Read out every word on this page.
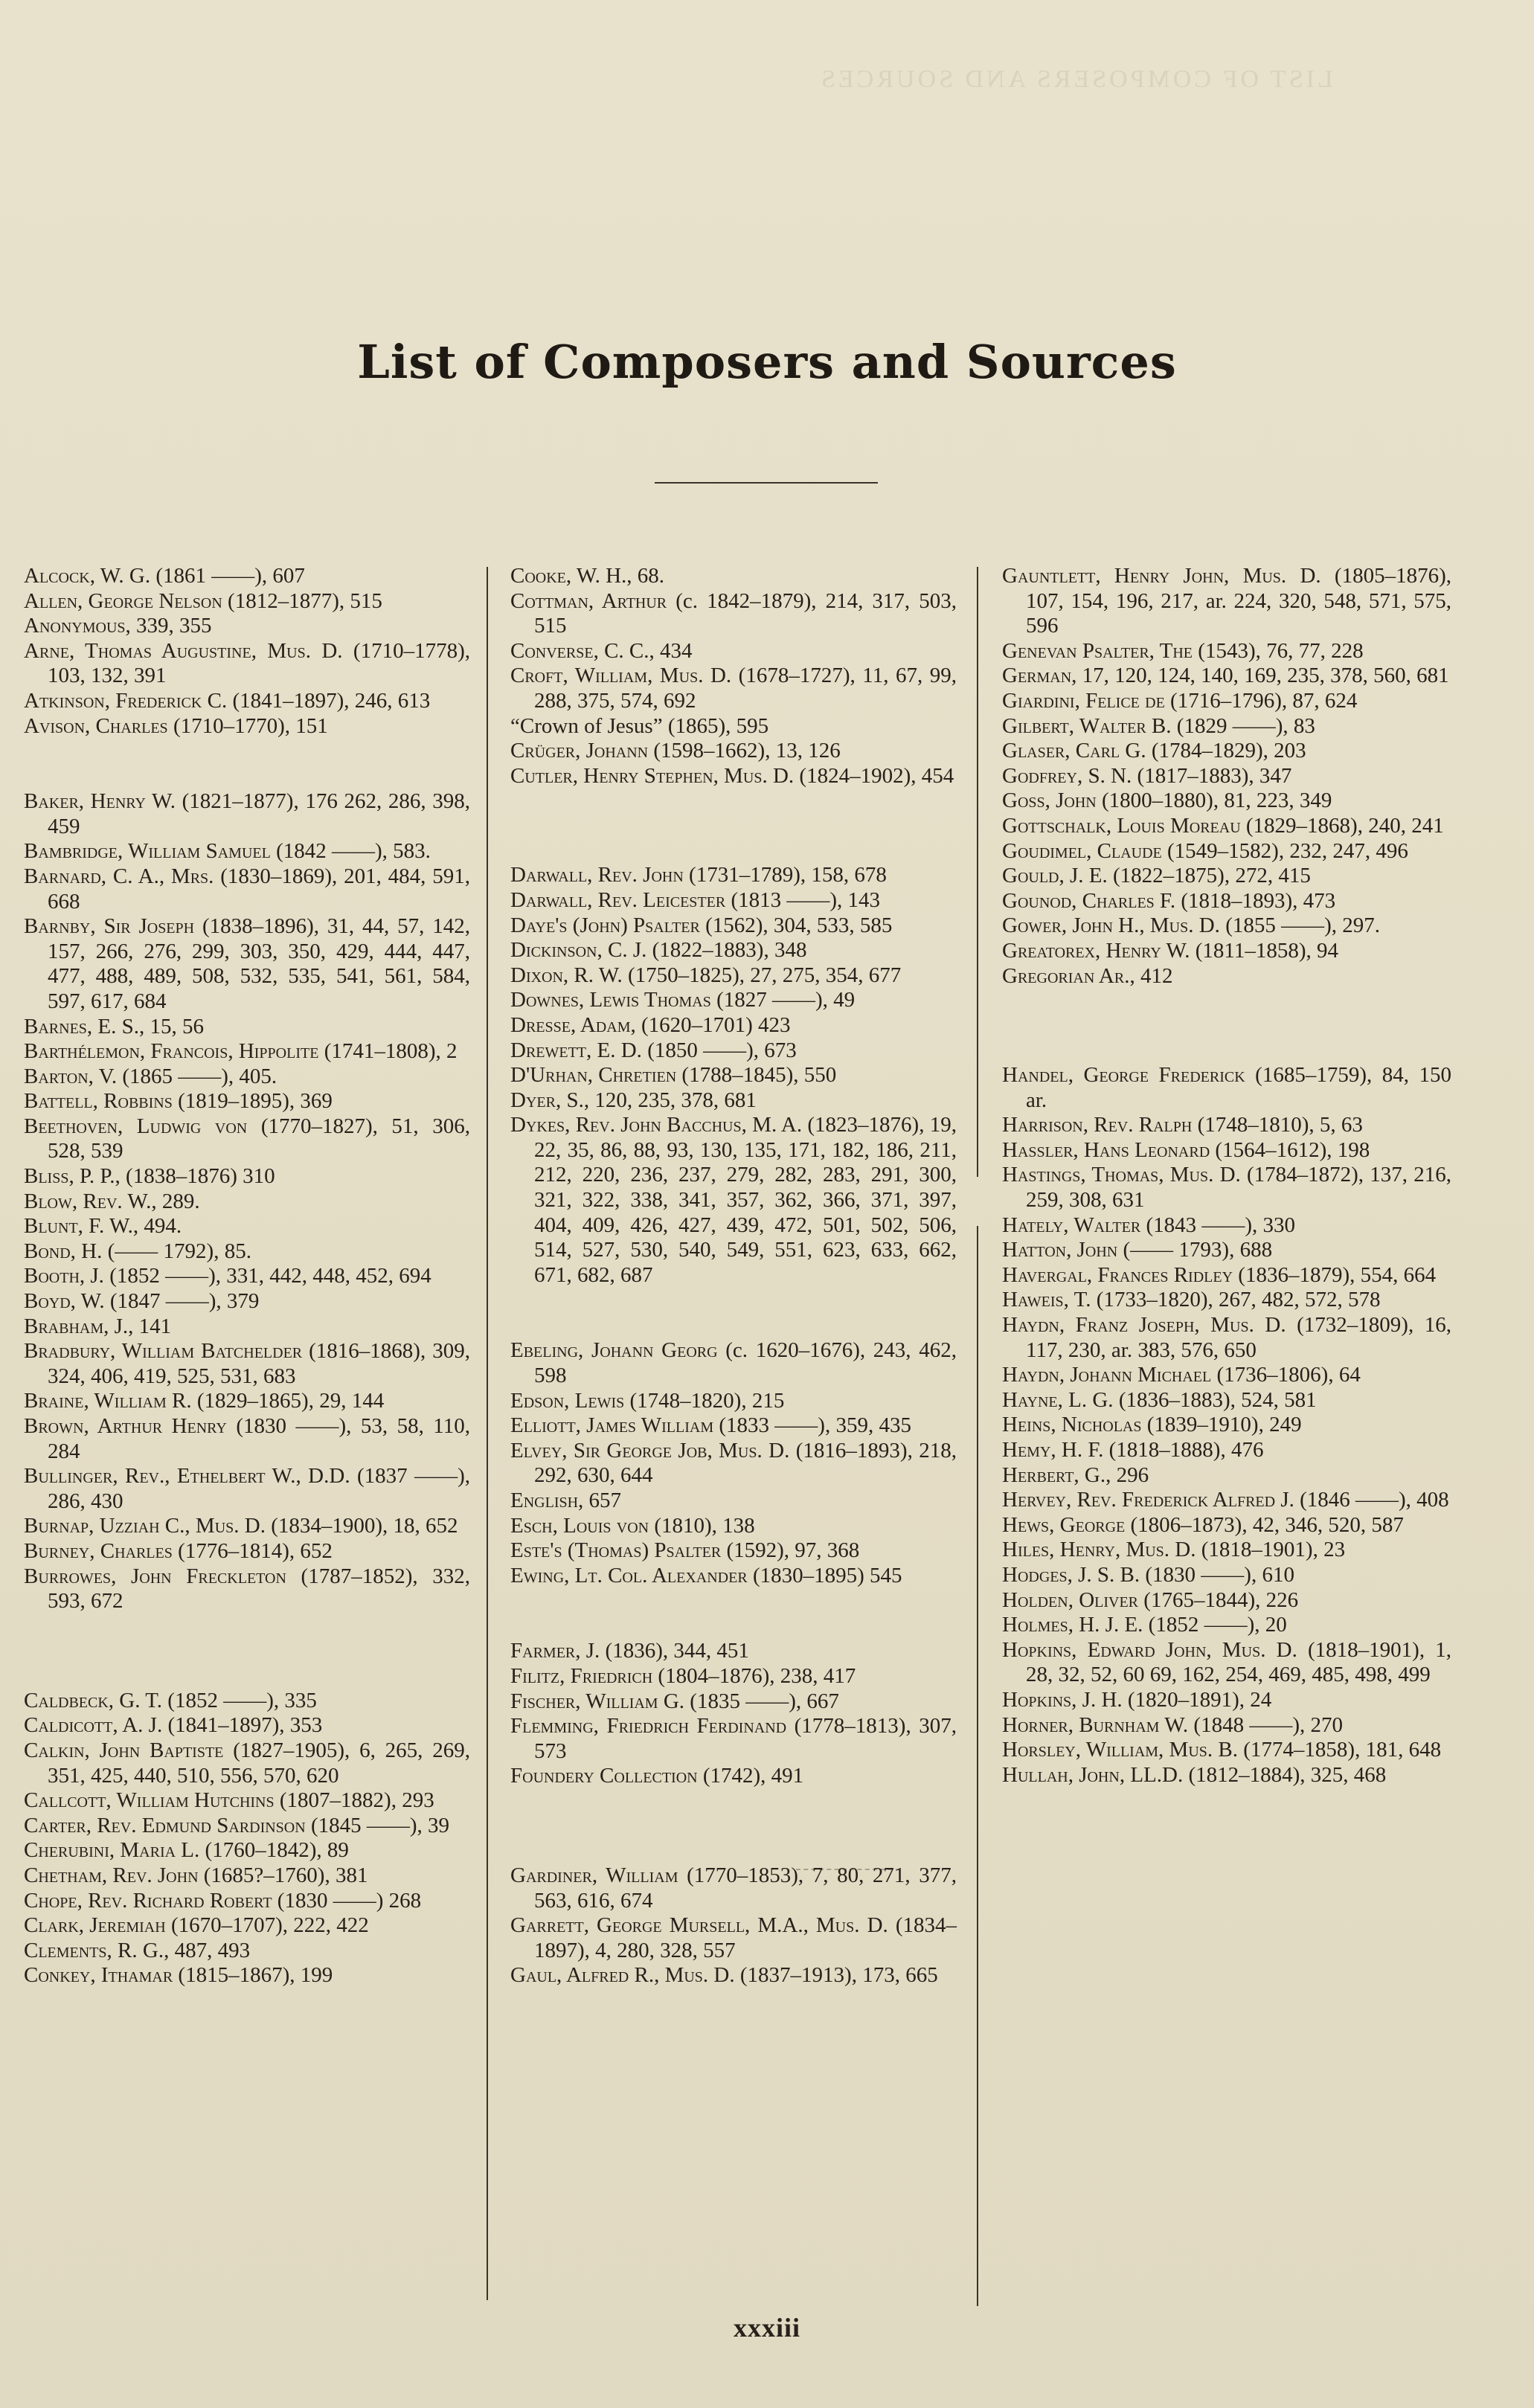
LIST OF COMPOSERS AND SOURCES
List of Composers and Sources

Alcock, W. G. (1861 ——), 607

Allen, George Nelson (1812–1877), 515

Anonymous, 339, 355

Arne, Thomas Augustine, Mus. D. (1710–1778), 103, 132, 391

Atkinson, Frederick C. (1841–1897), 246, 613

Avison, Charles (1710–1770), 151

Baker, Henry W. (1821–1877), 176 262, 286, 398, 459

Bambridge, William Samuel (1842 ——), 583.

Barnard, C. A., Mrs. (1830–1869), 201, 484, 591, 668

Barnby, Sir Joseph (1838–1896), 31, 44, 57, 142, 157, 266, 276, 299, 303, 350, 429, 444, 447, 477, 488, 489, 508, 532, 535, 541, 561, 584, 597, 617, 684

Barnes, E. S., 15, 56

Barthélemon, Francois, Hippolite (1741–1808), 2

Barton, V. (1865 ——), 405.

Battell, Robbins (1819–1895), 369

Beethoven, Ludwig von (1770–1827), 51, 306, 528, 539

Bliss, P. P., (1838–1876) 310

Blow, Rev. W., 289.

Blunt, F. W., 494.

Bond, H. (—— 1792), 85.

Booth, J. (1852 ——), 331, 442, 448, 452, 694

Boyd, W. (1847 ——), 379

Brabham, J., 141

Bradbury, William Batchelder (1816–1868), 309, 324, 406, 419, 525, 531, 683

Braine, William R. (1829–1865), 29, 144

Brown, Arthur Henry (1830 ——), 53, 58, 110, 284

Bullinger, Rev., Ethelbert W., D.D. (1837 ——), 286, 430

Burnap, Uzziah C., Mus. D. (1834–1900), 18, 652

Burney, Charles (1776–1814), 652

Burrowes, John Freckleton (1787–1852), 332, 593, 672

Caldbeck, G. T. (1852 ——), 335

Caldicott, A. J. (1841–1897), 353

Calkin, John Baptiste (1827–1905), 6, 265, 269, 351, 425, 440, 510, 556, 570, 620

Callcott, William Hutchins (1807–1882), 293

Carter, Rev. Edmund Sardinson (1845 ——), 39

Cherubini, Maria L. (1760–1842), 89

Chetham, Rev. John (1685?–1760), 381

Chope, Rev. Richard Robert (1830 ——) 268

Clark, Jeremiah (1670–1707), 222, 422

Clements, R. G., 487, 493

Conkey, Ithamar (1815–1867), 199

Cooke, W. H., 68.

Cottman, Arthur (c. 1842–1879), 214, 317, 503, 515

Converse, C. C., 434

Croft, William, Mus. D. (1678–1727), 11, 67, 99, 288, 375, 574, 692

“Crown of Jesus” (1865), 595

Crüger, Johann (1598–1662), 13, 126

Cutler, Henry Stephen, Mus. D. (1824–1902), 454

Darwall, Rev. John (1731–1789), 158, 678

Darwall, Rev. Leicester (1813 ——), 143

Daye's (John) Psalter (1562), 304, 533, 585

Dickinson, C. J. (1822–1883), 348

Dixon, R. W. (1750–1825), 27, 275, 354, 677

Downes, Lewis Thomas (1827 ——), 49

Dresse, Adam, (1620–1701) 423

Drewett, E. D. (1850 ——), 673

D'Urhan, Chretien (1788–1845), 550

Dyer, S., 120, 235, 378, 681

Dykes, Rev. John Bacchus, M. A. (1823–1876), 19, 22, 35, 86, 88, 93, 130, 135, 171, 182, 186, 211, 212, 220, 236, 237, 279, 282, 283, 291, 300, 321, 322, 338, 341, 357, 362, 366, 371, 397, 404, 409, 426, 427, 439, 472, 501, 502, 506, 514, 527, 530, 540, 549, 551, 623, 633, 662, 671, 682, 687

Ebeling, Johann Georg (c. 1620–1676), 243, 462, 598

Edson, Lewis (1748–1820), 215

Elliott, James William (1833 ——), 359, 435

Elvey, Sir George Job, Mus. D. (1816–1893), 218, 292, 630, 644

English, 657

Esch, Louis von (1810), 138

Este's (Thomas) Psalter (1592), 97, 368

Ewing, Lt. Col. Alexander (1830–1895) 545

Farmer, J. (1836), 344, 451

Filitz, Friedrich (1804–1876), 238, 417

Fischer, William G. (1835 ——), 667

Flemming, Friedrich Ferdinand (1778–1813), 307, 573

Foundery Collection (1742), 491

Gardiner, William (1770–1853), 7, 80, 271, 377, 563, 616, 674

Garrett, George Mursell, M.A., Mus. D. (1834–1897), 4, 280, 328, 557

Gaul, Alfred R., Mus. D. (1837–1913), 173, 665

Gauntlett, Henry John, Mus. D. (1805–1876), 107, 154, 196, 217, ar. 224, 320, 548, 571, 575, 596

Genevan Psalter, The (1543), 76, 77, 228

German, 17, 120, 124, 140, 169, 235, 378, 560, 681

Giardini, Felice de (1716–1796), 87, 624

Gilbert, Walter B. (1829 ——), 83

Glaser, Carl G. (1784–1829), 203

Godfrey, S. N. (1817–1883), 347

Goss, John (1800–1880), 81, 223, 349

Gottschalk, Louis Moreau (1829–1868), 240, 241

Goudimel, Claude (1549–1582), 232, 247, 496

Gould, J. E. (1822–1875), 272, 415

Gounod, Charles F. (1818–1893), 473

Gower, John H., Mus. D. (1855 ——), 297.

Greatorex, Henry W. (1811–1858), 94

Gregorian Ar., 412

Handel, George Frederick (1685–1759), 84, 150 ar.

Harrison, Rev. Ralph (1748–1810), 5, 63

Hassler, Hans Leonard (1564–1612), 198

Hastings, Thomas, Mus. D. (1784–1872), 137, 216, 259, 308, 631

Hately, Walter (1843 ——), 330

Hatton, John (—— 1793), 688

Havergal, Frances Ridley (1836–1879), 554, 664

Haweis, T. (1733–1820), 267, 482, 572, 578

Haydn, Franz Joseph, Mus. D. (1732–1809), 16, 117, 230, ar. 383, 576, 650

Haydn, Johann Michael (1736–1806), 64

Hayne, L. G. (1836–1883), 524, 581

Heins, Nicholas (1839–1910), 249

Hemy, H. F. (1818–1888), 476

Herbert, G., 296

Hervey, Rev. Frederick Alfred J. (1846 ——), 408

Hews, George (1806–1873), 42, 346, 520, 587

Hiles, Henry, Mus. D. (1818–1901), 23

Hodges, J. S. B. (1830 ——), 610

Holden, Oliver (1765–1844), 226

Holmes, H. J. E. (1852 ——), 20

Hopkins, Edward John, Mus. D. (1818–1901), 1, 28, 32, 52, 60 69, 162, 254, 469, 485, 498, 499

Hopkins, J. H. (1820–1891), 24

Horner, Burnham W. (1848 ——), 270

Horsley, William, Mus. B. (1774–1858), 181, 648

Hullah, John, LL.D. (1812–1884), 325, 468

xxxiii
